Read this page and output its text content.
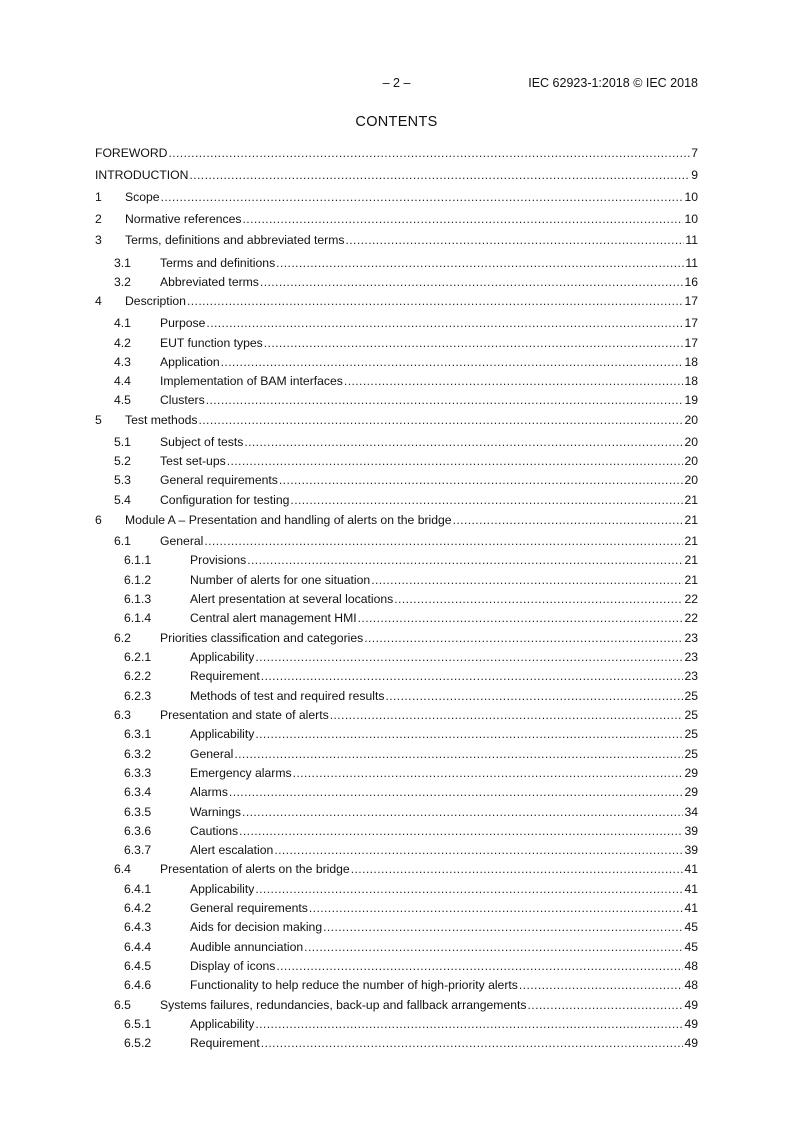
– 2 –	IEC 62923-1:2018 © IEC 2018
CONTENTS
FOREWORD .....	7
INTRODUCTION .....	9
1	Scope .....	10
2	Normative references .....	10
3	Terms, definitions and abbreviated terms .....	11
3.1	Terms and definitions .....	11
3.2	Abbreviated terms .....	16
4	Description .....	17
4.1	Purpose .....	17
4.2	EUT function types .....	17
4.3	Application .....	18
4.4	Implementation of BAM interfaces .....	18
4.5	Clusters .....	19
5	Test methods .....	20
5.1	Subject of tests .....	20
5.2	Test set-ups .....	20
5.3	General requirements .....	20
5.4	Configuration for testing .....	21
6	Module A – Presentation and handling of alerts on the bridge .....	21
6.1	General .....	21
6.1.1	Provisions .....	21
6.1.2	Number of alerts for one situation .....	21
6.1.3	Alert presentation at several locations .....	22
6.1.4	Central alert management HMI .....	22
6.2	Priorities classification and categories .....	23
6.2.1	Applicability .....	23
6.2.2	Requirement .....	23
6.2.3	Methods of test and required results .....	25
6.3	Presentation and state of alerts .....	25
6.3.1	Applicability .....	25
6.3.2	General .....	25
6.3.3	Emergency alarms .....	29
6.3.4	Alarms .....	29
6.3.5	Warnings .....	34
6.3.6	Cautions .....	39
6.3.7	Alert escalation .....	39
6.4	Presentation of alerts on the bridge .....	41
6.4.1	Applicability .....	41
6.4.2	General requirements .....	41
6.4.3	Aids for decision making .....	45
6.4.4	Audible annunciation .....	45
6.4.5	Display of icons .....	48
6.4.6	Functionality to help reduce the number of high-priority alerts .....	48
6.5	Systems failures, redundancies, back-up and fallback arrangements .....	49
6.5.1	Applicability .....	49
6.5.2	Requirement .....	49
